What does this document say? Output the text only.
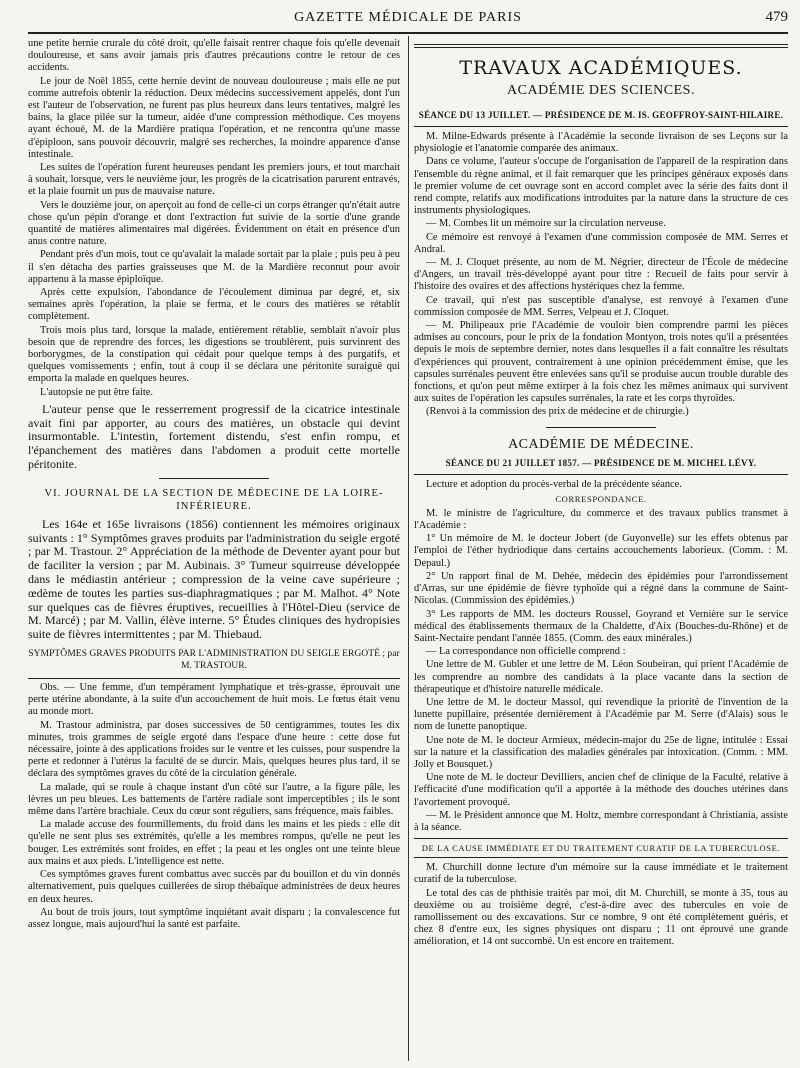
GAZETTE MÉDICALE DE PARIS	479

une petite hernie crurale du côté droit, qu'elle faisait rentrer chaque fois qu'elle devenait douloureuse, et sans avoir jamais pris d'autres précautions contre le retour de ces accidents.

Le jour de Noël 1855, cette hernie devint de nouveau douloureuse ; mais elle ne put comme autrefois obtenir la réduction. Deux médecins successivement appelés, dont l'un est l'auteur de l'observation, ne furent pas plus heureux dans leurs tentatives, malgré les bains, la glace pilée sur la tumeur, aidée d'une compression méthodique. Ces moyens ayant échoué, M. de la Mardière pratiqua l'opération, et ne rencontra qu'une masse d'épiploon, sans pouvoir découvrir, malgré ses recherches, la moindre apparence d'anse intestinale.

Les suites de l'opération furent heureuses pendant les premiers jours, et tout marchait à souhait, lorsque, vers le neuvième jour, les progrès de la cicatrisation parurent entravés, et la plaie fournit un pus de mauvaise nature.

Vers le douzième jour, on aperçoit au fond de celle-ci un corps étranger qu'n'était autre chose qu'un pépin d'orange et dont l'extraction fut suivie de la sortie d'une grande quantité de matières alimentaires mal digérées. Évidemment on était en présence d'un anus contre nature.

Pendant près d'un mois, tout ce qu'avalait la malade sortait par la plaie ; puis peu à peu il s'en détacha des parties graisseuses que M. de la Mardière reconnut pour avoir appartenu à la masse épiploïque.

Après cette expulsion, l'abondance de l'écoulement diminua par degré, et, six semaines après l'opération, la plaie se ferma, et le cours des matières se rétablit complètement.

Trois mois plus tard, lorsque la malade, entièrement rétablie, semblait n'avoir plus besoin que de reprendre des forces, les digestions se troublèrent, puis survinrent des borborygmes, de la constipation qui cédait pour quelque temps à des purgatifs, et quelques vomissements ; enfin, tout à coup il se déclara une péritonite suraiguë qui emporta la malade en quelques heures.

L'autopsie ne put être faite.

L'auteur pense que le resserrement progressif de la cicatrice intestinale avait fini par apporter, au cours des matières, un obstacle qui devint insurmontable. L'intestin, fortement distendu, s'est enfin rompu, et l'épanchement des matières dans l'abdomen a produit cette mortelle péritonite.

VI. JOURNAL DE LA SECTION DE MÉDECINE DE LA LOIRE-INFÉRIEURE.

Les 164e et 165e livraisons (1856) contiennent les mémoires originaux suivants : 1° Symptômes graves produits par l'administration du seigle ergoté ; par M. Trastour. 2° Appréciation de la méthode de Deventer ayant pour but de faciliter la version ; par M. Aubinais. 3° Tumeur squirreuse développée dans le médiastin antérieur ; compression de la veine cave supérieure ; œdème de toutes les parties sus-diaphragmatiques ; par M. Malhot. 4° Note sur quelques cas de fièvres éruptives, recueillies à l'Hôtel-Dieu (service de M. Marcé) ; par M. Vallin, élève interne. 5° Études cliniques des hydropisies suite de fièvres intermittentes ; par M. Thiebaud.

SYMPTÔMES GRAVES PRODUITS PAR L'ADMINISTRATION DU SEIGLE ERGOTÉ ; par M. TRASTOUR.

Obs. — Une femme, d'un tempérament lymphatique et très-grasse, éprouvait une perte utérine abondante, à la suite d'un accouchement de huit mois. Le fœtus était venu au monde mort.

M. Trastour administra, par doses successives de 50 centigrammes, toutes les dix minutes, trois grammes de seigle ergoté dans l'espace d'une heure : cette dose fut nécessaire, jointe à des applications froides sur le ventre et les cuisses, pour suspendre la perte et redonner à l'utérus la faculté de se durcir. Mais, quelques heures plus tard, il se déclara des symptômes graves du côté de la circulation générale.

La malade, qui se roule à chaque instant d'un côté sur l'autre, a la figure pâle, les lèvres un peu bleues. Les battements de l'artère radiale sont imperceptibles ; ils le sont même dans l'artère brachiale. Ceux du cœur sont réguliers, sans fréquence, mais faibles.

La malade accuse des fourmillements, du froid dans les mains et les pieds : elle dit qu'elle ne sent plus ses extrémités, qu'elle a les membres rompus, qu'elle ne peut les bouger. Les extrémités sont froides, en effet ; la peau et les ongles ont une teinte bleue aux mains et aux pieds. L'intelligence est nette.

Ces symptômes graves furent combattus avec succès par du bouillon et du vin donnés alternativement, puis quelques cuillerées de sirop thébaïque administrées de deux heures en deux heures.

Au bout de trois jours, tout symptôme inquiétant avait disparu ; la convalescence fut assez longue, mais aujourd'hui la santé est parfaite.

TRAVAUX ACADÉMIQUES.
ACADÉMIE DES SCIENCES.
SÉANCE DU 13 JUILLET. — PRÉSIDENCE DE M. IS. GEOFFROY-SAINT-HILAIRE.

M. Milne-Edwards présente à l'Académie la seconde livraison de ses Leçons sur la physiologie et l'anatomie comparée des animaux.

Dans ce volume, l'auteur s'occupe de l'organisation de l'appareil de la respiration dans l'ensemble du règne animal, et il fait remarquer que les principes généraux exposés dans le premier volume de cet ouvrage sont en accord complet avec la série des faits dont il rend compte, relatifs aux modifications introduites par la nature dans la structure de ces instruments physiologiques.

— M. Combes lit un mémoire sur la circulation nerveuse.

Ce mémoire est renvoyé à l'examen d'une commission composée de MM. Serres et Andral.

— M. J. Cloquet présente, au nom de M. Négrier, directeur de l'École de médecine d'Angers, un travail très-développé ayant pour titre : Recueil de faits pour servir à l'histoire des ovaires et des affections hystériques chez la femme.

Ce travail, qui n'est pas susceptible d'analyse, est renvoyé à l'examen d'une commission composée de MM. Serres, Velpeau et J. Cloquet.

— M. Philipeaux prie l'Académie de vouloir bien comprendre parmi les pièces admises au concours, pour le prix de la fondation Montyon, trois notes qu'il a présentées depuis le mois de septembre dernier, notes dans lesquelles il a fait connaître les résultats d'expériences qui prouvent, contrairement à une opinion précédemment émise, que les capsules surrénales peuvent être enlevées sans qu'il se produise aucun trouble durable des fonctions, et qu'on peut même extirper à la fois chez les mêmes animaux qui survivent aux suites de l'opération les capsules surrénales, la rate et les corps thyroïdes.

(Renvoi à la commission des prix de médecine et de chirurgie.)

ACADÉMIE DE MÉDECINE.
SÉANCE DU 21 JUILLET 1857. — PRÉSIDENCE DE M. MICHEL LÉVY.

Lecture et adoption du procès-verbal de la précédente séance.

CORRESPONDANCE.

M. le ministre de l'agriculture, du commerce et des travaux publics transmet à l'Académie :

1° Un mémoire de M. le docteur Jobert (de Guyonvelle) sur les effets obtenus par l'emploi de l'éther hydriodique dans certains accouchements laborieux. (Comm. : M. Depaul.)

2° Un rapport final de M. Dehée, médecin des épidémies pour l'arrondissement d'Arras, sur une épidémie de fièvre typhoïde qui a régné dans la commune de Saint-Nicolas. (Commission des épidémies.)

3° Les rapports de MM. les docteurs Roussel, Goyrand et Vernière sur le service médical des établissements thermaux de la Chaldette, d'Aix (Bouches-du-Rhône) et de Saint-Nectaire pendant l'année 1855. (Comm. des eaux minérales.)

— La correspondance non officielle comprend :

Une lettre de M. Gubler et une lettre de M. Léon Soubeiran, qui prient l'Académie de les comprendre au nombre des candidats à la place vacante dans la section de thérapeutique et d'histoire naturelle médicale.

Une lettre de M. le docteur Massol, qui revendique la priorité de l'invention de la lunette pupillaire, présentée dernièrement à l'Académie par M. Serre (d'Alais) sous le nom de lunette panoptique.

Une note de M. le docteur Armieux, médecin-major du 25e de ligne, intitulée : Essai sur la nature et la classification des maladies générales par intoxication. (Comm. : MM. Jolly et Bousquet.)

Une note de M. le docteur Devilliers, ancien chef de clinique de la Faculté, relative à l'efficacité d'une modification qu'il a apportée à la méthode des douches utérines dans l'avortement provoqué.

— M. le Président annonce que M. Holtz, membre correspondant à Christiania, assiste à la séance.

DE LA CAUSE IMMÉDIATE ET DU TRAITEMENT CURATIF DE LA TUBERCULOSE.

M. Churchill donne lecture d'un mémoire sur la cause immédiate et le traitement curatif de la tuberculose.

Le total des cas de phthisie traités par moi, dit M. Churchill, se monte à 35, tous au deuxième ou au troisième degré, c'est-à-dire avec des tubercules en voie de ramollissement ou des excavations. Sur ce nombre, 9 ont été complètement guéris, et chez 8 d'entre eux, les signes physiques ont disparu ; 11 ont éprouvé une grande amélioration, et 14 ont succombé. Un est encore en traitement.
